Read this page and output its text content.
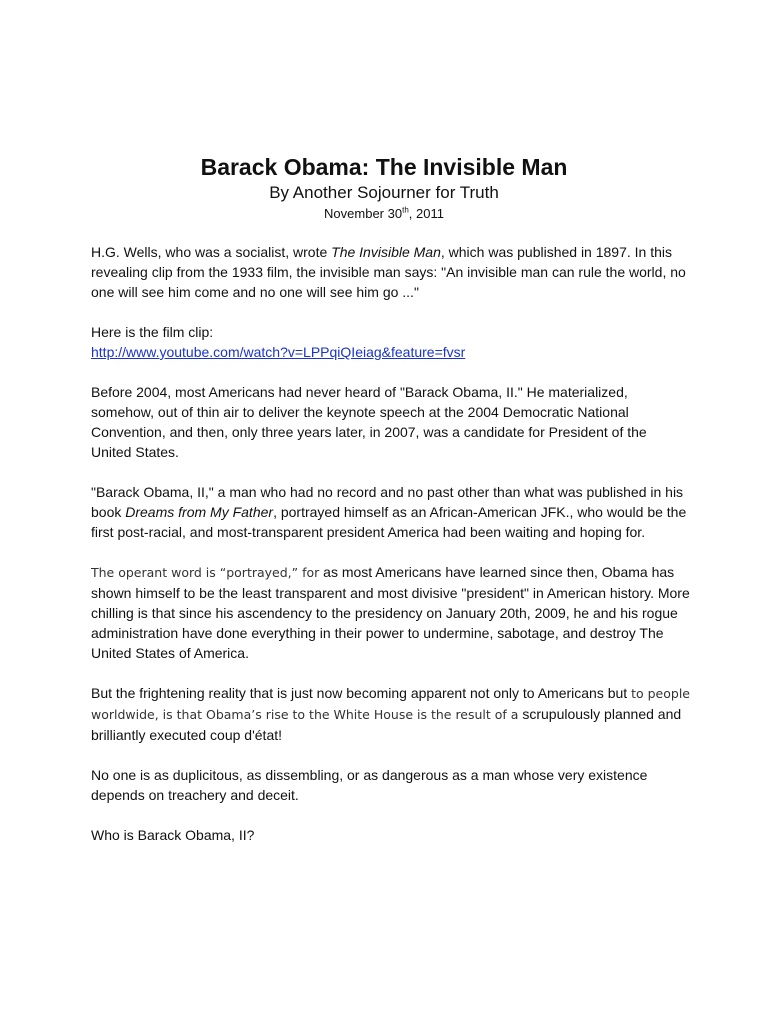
Barack Obama: The Invisible Man

By Another Sojourner for Truth

November 30th, 2011

H.G. Wells, who was a socialist, wrote The Invisible Man, which was published in 1897. In this revealing clip from the 1933 film, the invisible man says: "An invisible man can rule the world, no one will see him come and no one will see him go ..."

Here is the film clip:
http://www.youtube.com/watch?v=LPPqiQIeiag&feature=fvsr

Before 2004, most Americans had never heard of "Barack Obama, II." He materialized, somehow, out of thin air to deliver the keynote speech at the 2004 Democratic National Convention, and then, only three years later, in 2007, was a candidate for President of the United States.

"Barack Obama, II," a man who had no record and no past other than what was published in his book Dreams from My Father, portrayed himself as an African-American JFK., who would be the first post-racial, and most-transparent president America had been waiting and hoping for.

The operant word is “portrayed,” for as most Americans have learned since then, Obama has shown himself to be the least transparent and most divisive "president" in American history. More chilling is that since his ascendency to the presidency on January 20th, 2009, he and his rogue administration have done everything in their power to undermine, sabotage, and destroy The United States of America.

But the frightening reality that is just now becoming apparent not only to Americans but to people worldwide, is that Obama’s rise to the White House is the result of a scrupulously planned and brilliantly executed coup d'état!

No one is as duplicitous, as dissembling, or as dangerous as a man whose very existence depends on treachery and deceit.

Who is Barack Obama, II?
